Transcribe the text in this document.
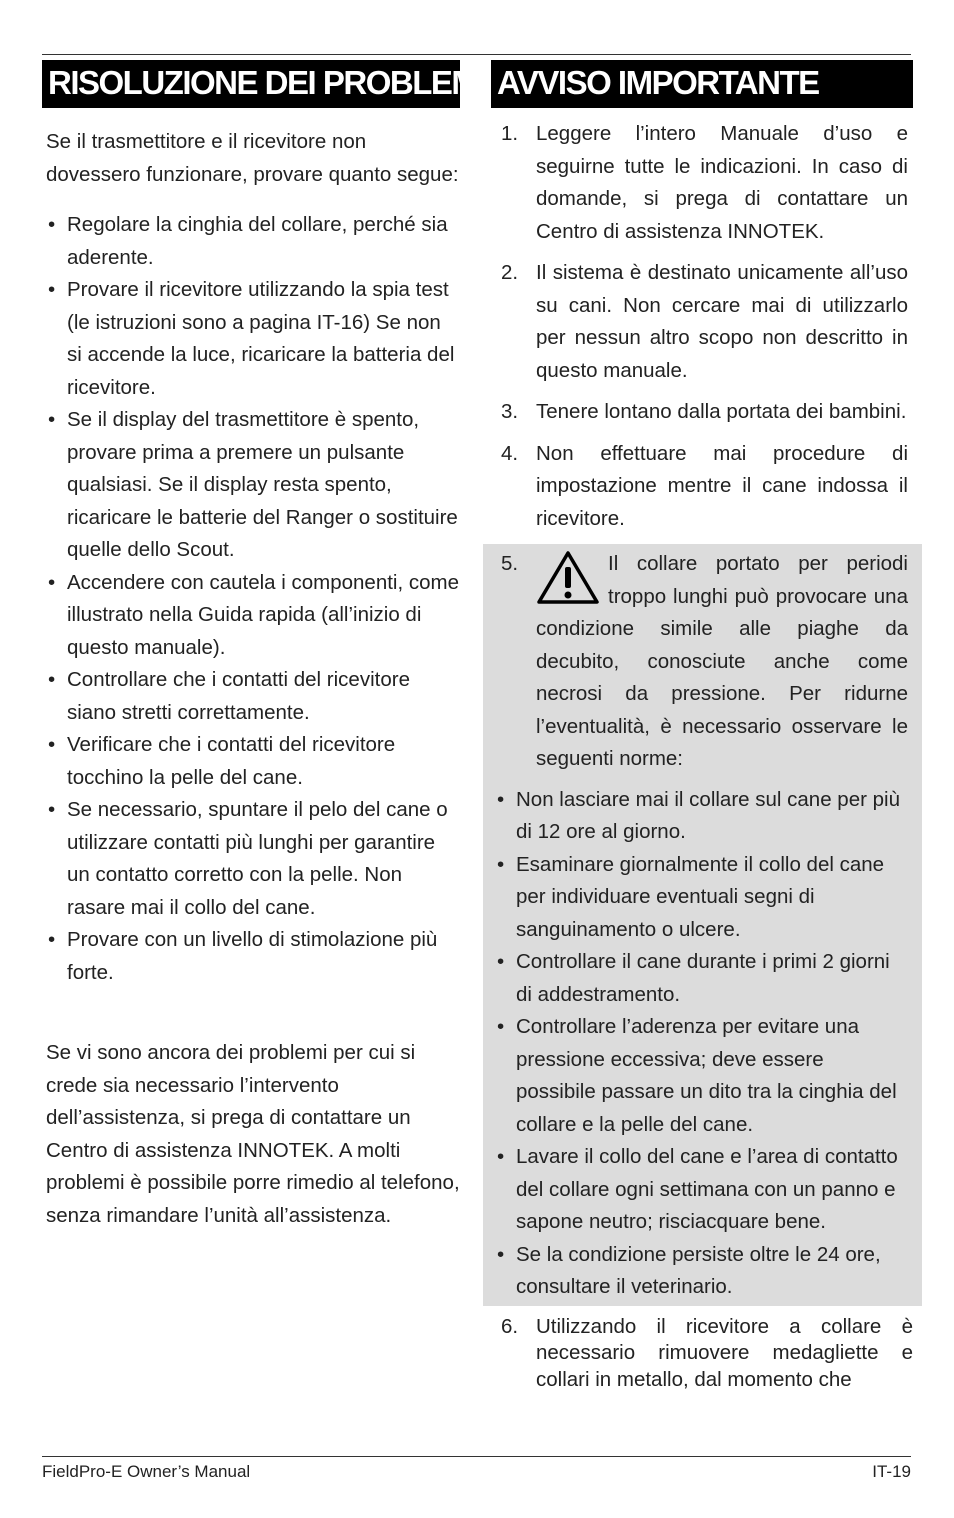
RISOLUZIONE DEI PROBLEMI
Se il trasmettitore e il ricevitore non dovessero funzionare, provare quanto segue:
• Regolare la cinghia del collare, perché sia aderente.
• Provare il ricevitore utilizzando la spia test (le istruzioni sono a pagina IT-16) Se non si accende la luce, ricaricare la batteria del ricevitore.
• Se il display del trasmettitore è spento, provare prima a premere un pulsante qualsiasi. Se il display resta spento, ricaricare le batterie del Ranger o sostituire quelle dello Scout.
• Accendere con cautela i componenti, come illustrato nella Guida rapida (all’inizio di questo manuale).
• Controllare che i contatti del ricevitore siano stretti correttamente.
• Verificare che i contatti del ricevitore tocchino la pelle del cane.
• Se necessario, spuntare il pelo del cane o utilizzare contatti più lunghi per garantire un contatto corretto con la pelle. Non rasare mai il collo del cane.
• Provare con un livello di stimolazione più forte.
Se vi sono ancora dei problemi per cui si crede sia necessario l’intervento dell’assistenza, si prega di contattare un Centro di assistenza INNOTEK. A molti problemi è possibile porre rimedio al telefono, senza rimandare l’unità all’assistenza.
AVVISO IMPORTANTE
1. Leggere l’intero Manuale d’uso e seguirne tutte le indicazioni. In caso di domande, si prega di contattare un Centro di assistenza INNOTEK.
2. Il sistema è destinato unicamente all’uso su cani. Non cercare mai di utilizzarlo per nessun altro scopo non descritto in questo manuale.
3. Tenere lontano dalla portata dei bambini.
4. Non effettuare mai procedure di impostazione mentre il cane indossa il ricevitore.
5.	Il collare portato per periodi troppo lunghi può provocare una condizione simile alle piaghe da decubito, conosciute anche come necrosi da pressione. Per ridurne l’eventualità, è necessario osservare le seguenti norme:
• Non lasciare mai il collare sul cane per più di 12 ore al giorno.
• Esaminare giornalmente il collo del cane per individuare eventuali segni di sanguinamento o ulcere.
• Controllare il cane durante i primi 2 giorni di addestramento.
• Controllare l’aderenza per evitare una pressione eccessiva; deve essere possibile passare un dito tra la cinghia del collare e la pelle del cane.
• Lavare il collo del cane e l’area di contatto del collare ogni settimana con un panno e sapone neutro; risciacquare bene.
• Se la condizione persiste oltre le 24 ore, consultare il veterinario.
6. Utilizzando il ricevitore a collare è necessario rimuovere medagliette e collari in metallo, dal momento che
FieldPro-E Owner’s Manual	IT-19
